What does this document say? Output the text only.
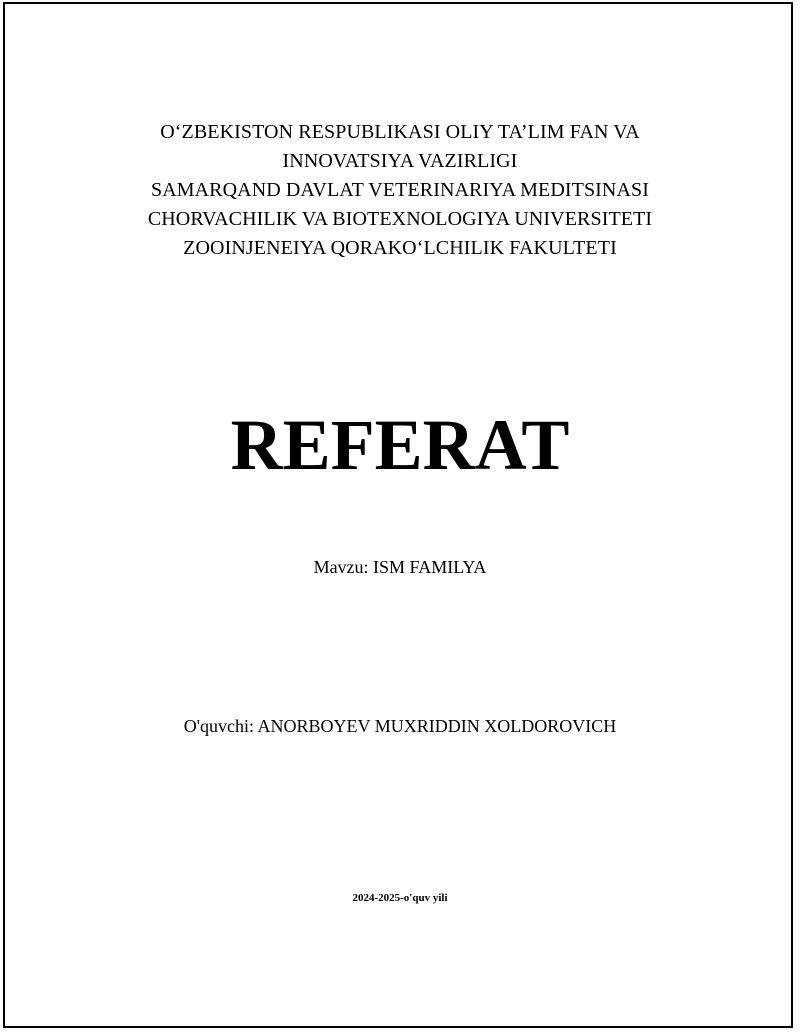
O‘ZBEKISTON RESPUBLIKASI OLIY TA’LIM FAN VA
INNOVATSIYA VAZIRLIGI
SAMARQAND DAVLAT VETERINARIYA MEDITSINASI
CHORVACHILIK VA BIOTEXNOLOGIYA UNIVERSITETI
ZOOINJENEIYA QORAKO‘LCHILIK FAKULTETI
REFERAT
Mavzu: ISM FAMILYA
O'quvchi: ANORBOYEV MUXRIDDIN XOLDOROVICH
2024-2025-o'quv yili
